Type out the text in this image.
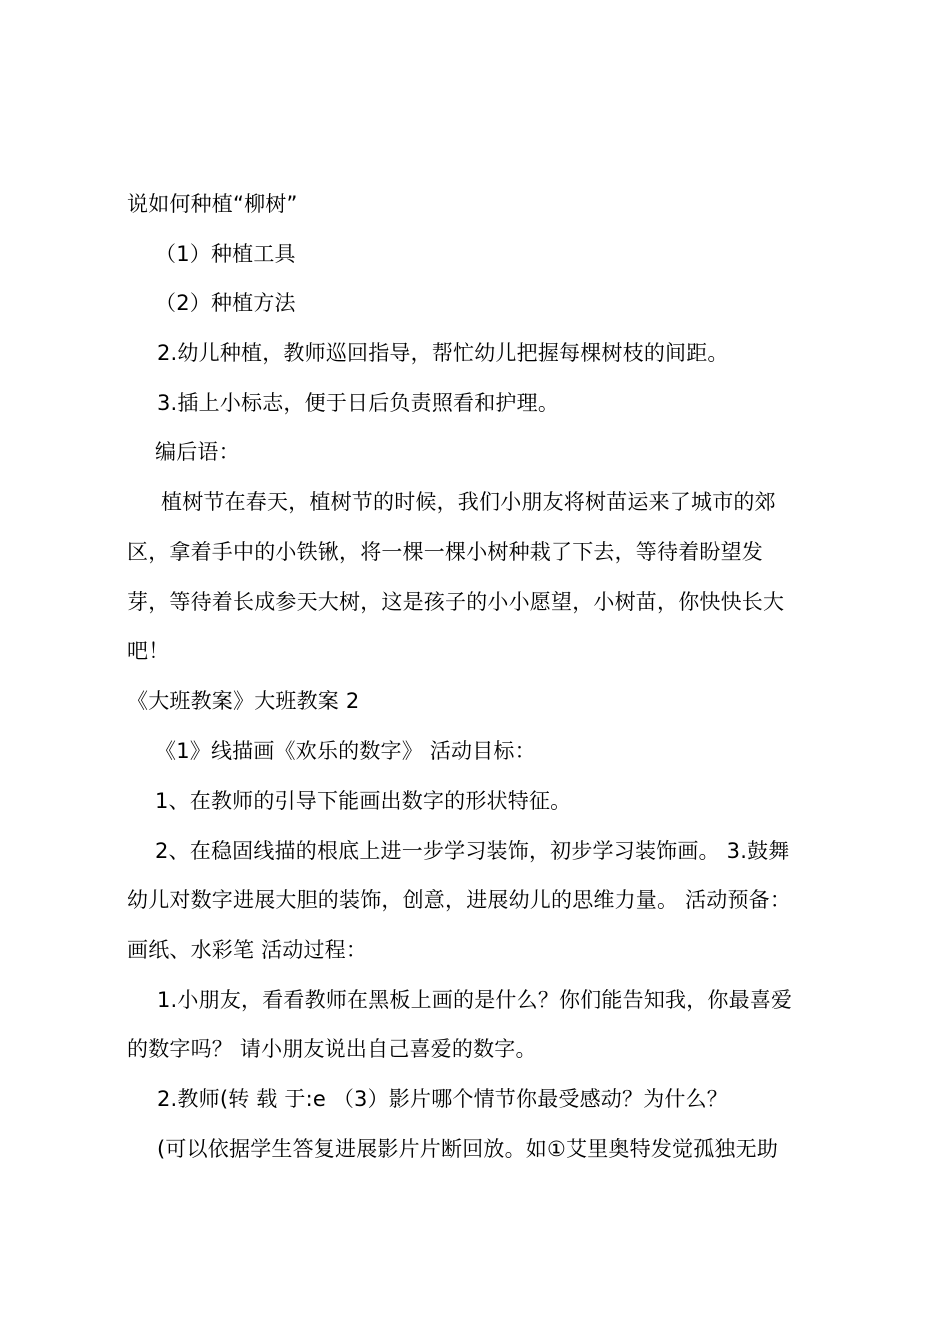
说如何种植“柳树”
（1）种植工具
（2）种植方法
2.幼儿种植，教师巡回指导，帮忙幼儿把握每棵树枝的间距。
3.插上小标志，便于日后负责照看和护理。
编后语：
植树节在春天，植树节的时候，我们小朋友将树苗运来了城市的郊
区，拿着手中的小铁锹，将一棵一棵小树种栽了下去，等待着盼望发
芽，等待着长成参天大树，这是孩子的小小愿望，小树苗，你快快长大
吧！
《大班教案》大班教案 2
《1》线描画《欢乐的数字》 活动目标：
1、在教师的引导下能画出数字的形状特征。
2、在稳固线描的根底上进一步学习装饰，初步学习装饰画。 3.鼓舞
幼儿对数字进展大胆的装饰，创意，进展幼儿的思维力量。 活动预备：
画纸、水彩笔 活动过程：
1.小朋友，看看教师在黑板上画的是什么？你们能告知我，你最喜爱
的数字吗？ 请小朋友说出自己喜爱的数字。
2.教师(转 载 于:e （3）影片哪个情节你最受感动？为什么？
(可以依据学生答复进展影片片断回放。如①艾里奥特发觉孤独无助
